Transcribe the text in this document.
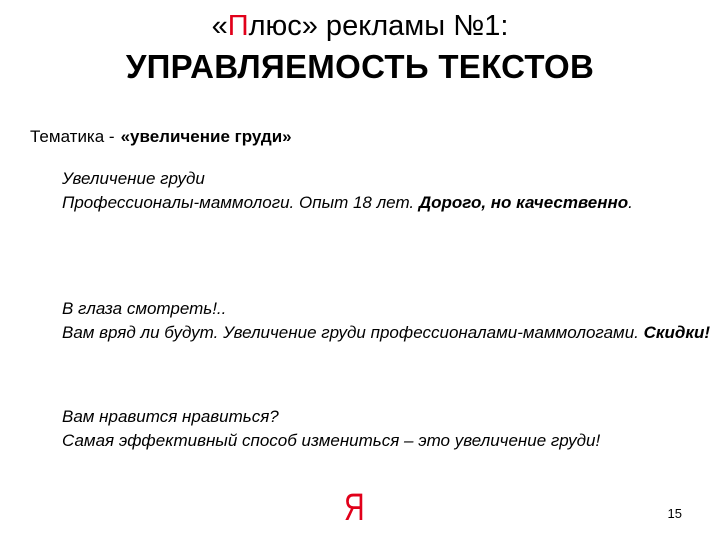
«Плюс» рекламы №1:
УПРАВЛЯЕМОСТЬ ТЕКСТОВ
Тематика - «увеличение груди»

Увеличение груди

Профессионалы-маммологи. Опыт 18 лет. Дорого, но качественно.

В глаза смотреть!..

Вам вряд ли будут. Увеличение груди профессионалами-маммологами. Скидки!

Вам нравится нравиться?

Самая эффективный способ измениться – это увеличение груди!

Я	15
